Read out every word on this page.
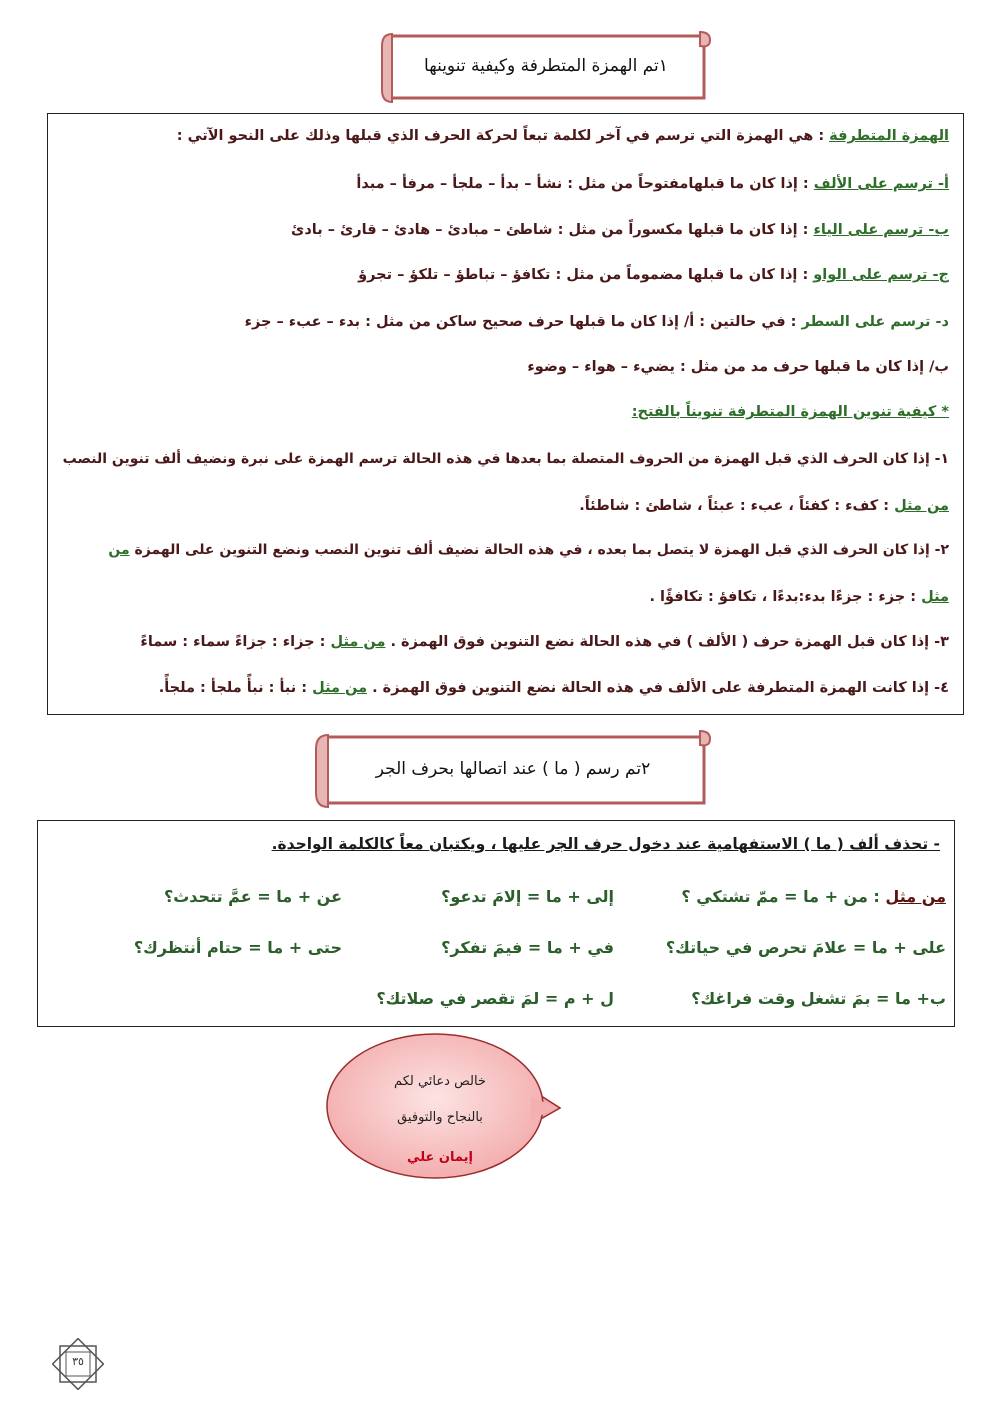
١تم الهمزة المتطرفة وكيفية تنوينها
الهمزة المتطرفة : هي الهمزة التي ترسم في آخر لكلمة تبعاً لحركة الحرف الذي قبلها وذلك على النحو الآتي :
أ- ترسم على الألف : إذا كان ما قبلهامفتوحاً من مثل : نشأ – بدأ – ملجأ – مرفأ – مبدأ
ب- ترسم على الياء : إذا كان ما قبلها مكسوراً من مثل : شاطئ – مبادئ – هادئ – قارئ – بادئ
ج- ترسم على الواو : إذا كان ما قبلها مضموماً من مثل : تكافؤ – تباطؤ – تلكؤ – تجرؤ
د- ترسم على السطر : في حالتين : أ/ إذا كان ما قبلها حرف صحيح ساكن من مثل : بدء – عبء – جزء
ب/ إذا كان ما قبلها حرف مد من مثل : يضيء – هواء – وضوء
* كيفية تنوين الهمزة المتطرفة تنويناً بالفتح:
١- إذا كان الحرف الذي قبل الهمزة من الحروف المتصلة بما بعدها في هذه الحالة ترسم الهمزة على نبرة ونضيف ألف تنوين النصب
من مثل : كفء : كفئاً ، عبء : عبئاً ، شاطئ : شاطئاً.
٢- إذا كان الحرف الذي قبل الهمزة لا يتصل بما بعده ، في هذه الحالة نضيف ألف تنوين النصب ونضع التنوين على الهمزة من
مثل : جزء : جزءًا بدء:بدءًا ، تكافؤ : تكافؤًا .
٣- إذا كان قبل الهمزة حرف ( الألف ) في هذه الحالة نضع التنوين فوق الهمزة . من مثل : جزاء : جزاءً سماء : سماءً
٤- إذا كانت الهمزة المتطرفة على الألف في هذه الحالة نضع التنوين فوق الهمزة . من مثل : نبأ : نبأً ملجأ : ملجأً.
٢تم رسم ( ما ) عند اتصالها بحرف الجر
- تحذف ألف ( ما ) الاستفهامية عند دخول حرف الجر عليها ، ويكتبان معاً كالكلمة الواحدة.
من مثل : من + ما = ممّ تشتكي ؟
إلى + ما = إلامَ تدعو؟
عن + ما = عمَّ تتحدث؟
على + ما = علامَ تحرص في حياتك؟
في + ما = فيمَ تفكر؟
حتى + ما = حتام أنتظرك؟
ب+ ما = بمَ تشغل وقت فراغك؟
ل + م = لمَ تقصر في صلاتك؟
خالص دعائي لكم
بالنجاح والتوفيق
إيمان علي
٣٥
